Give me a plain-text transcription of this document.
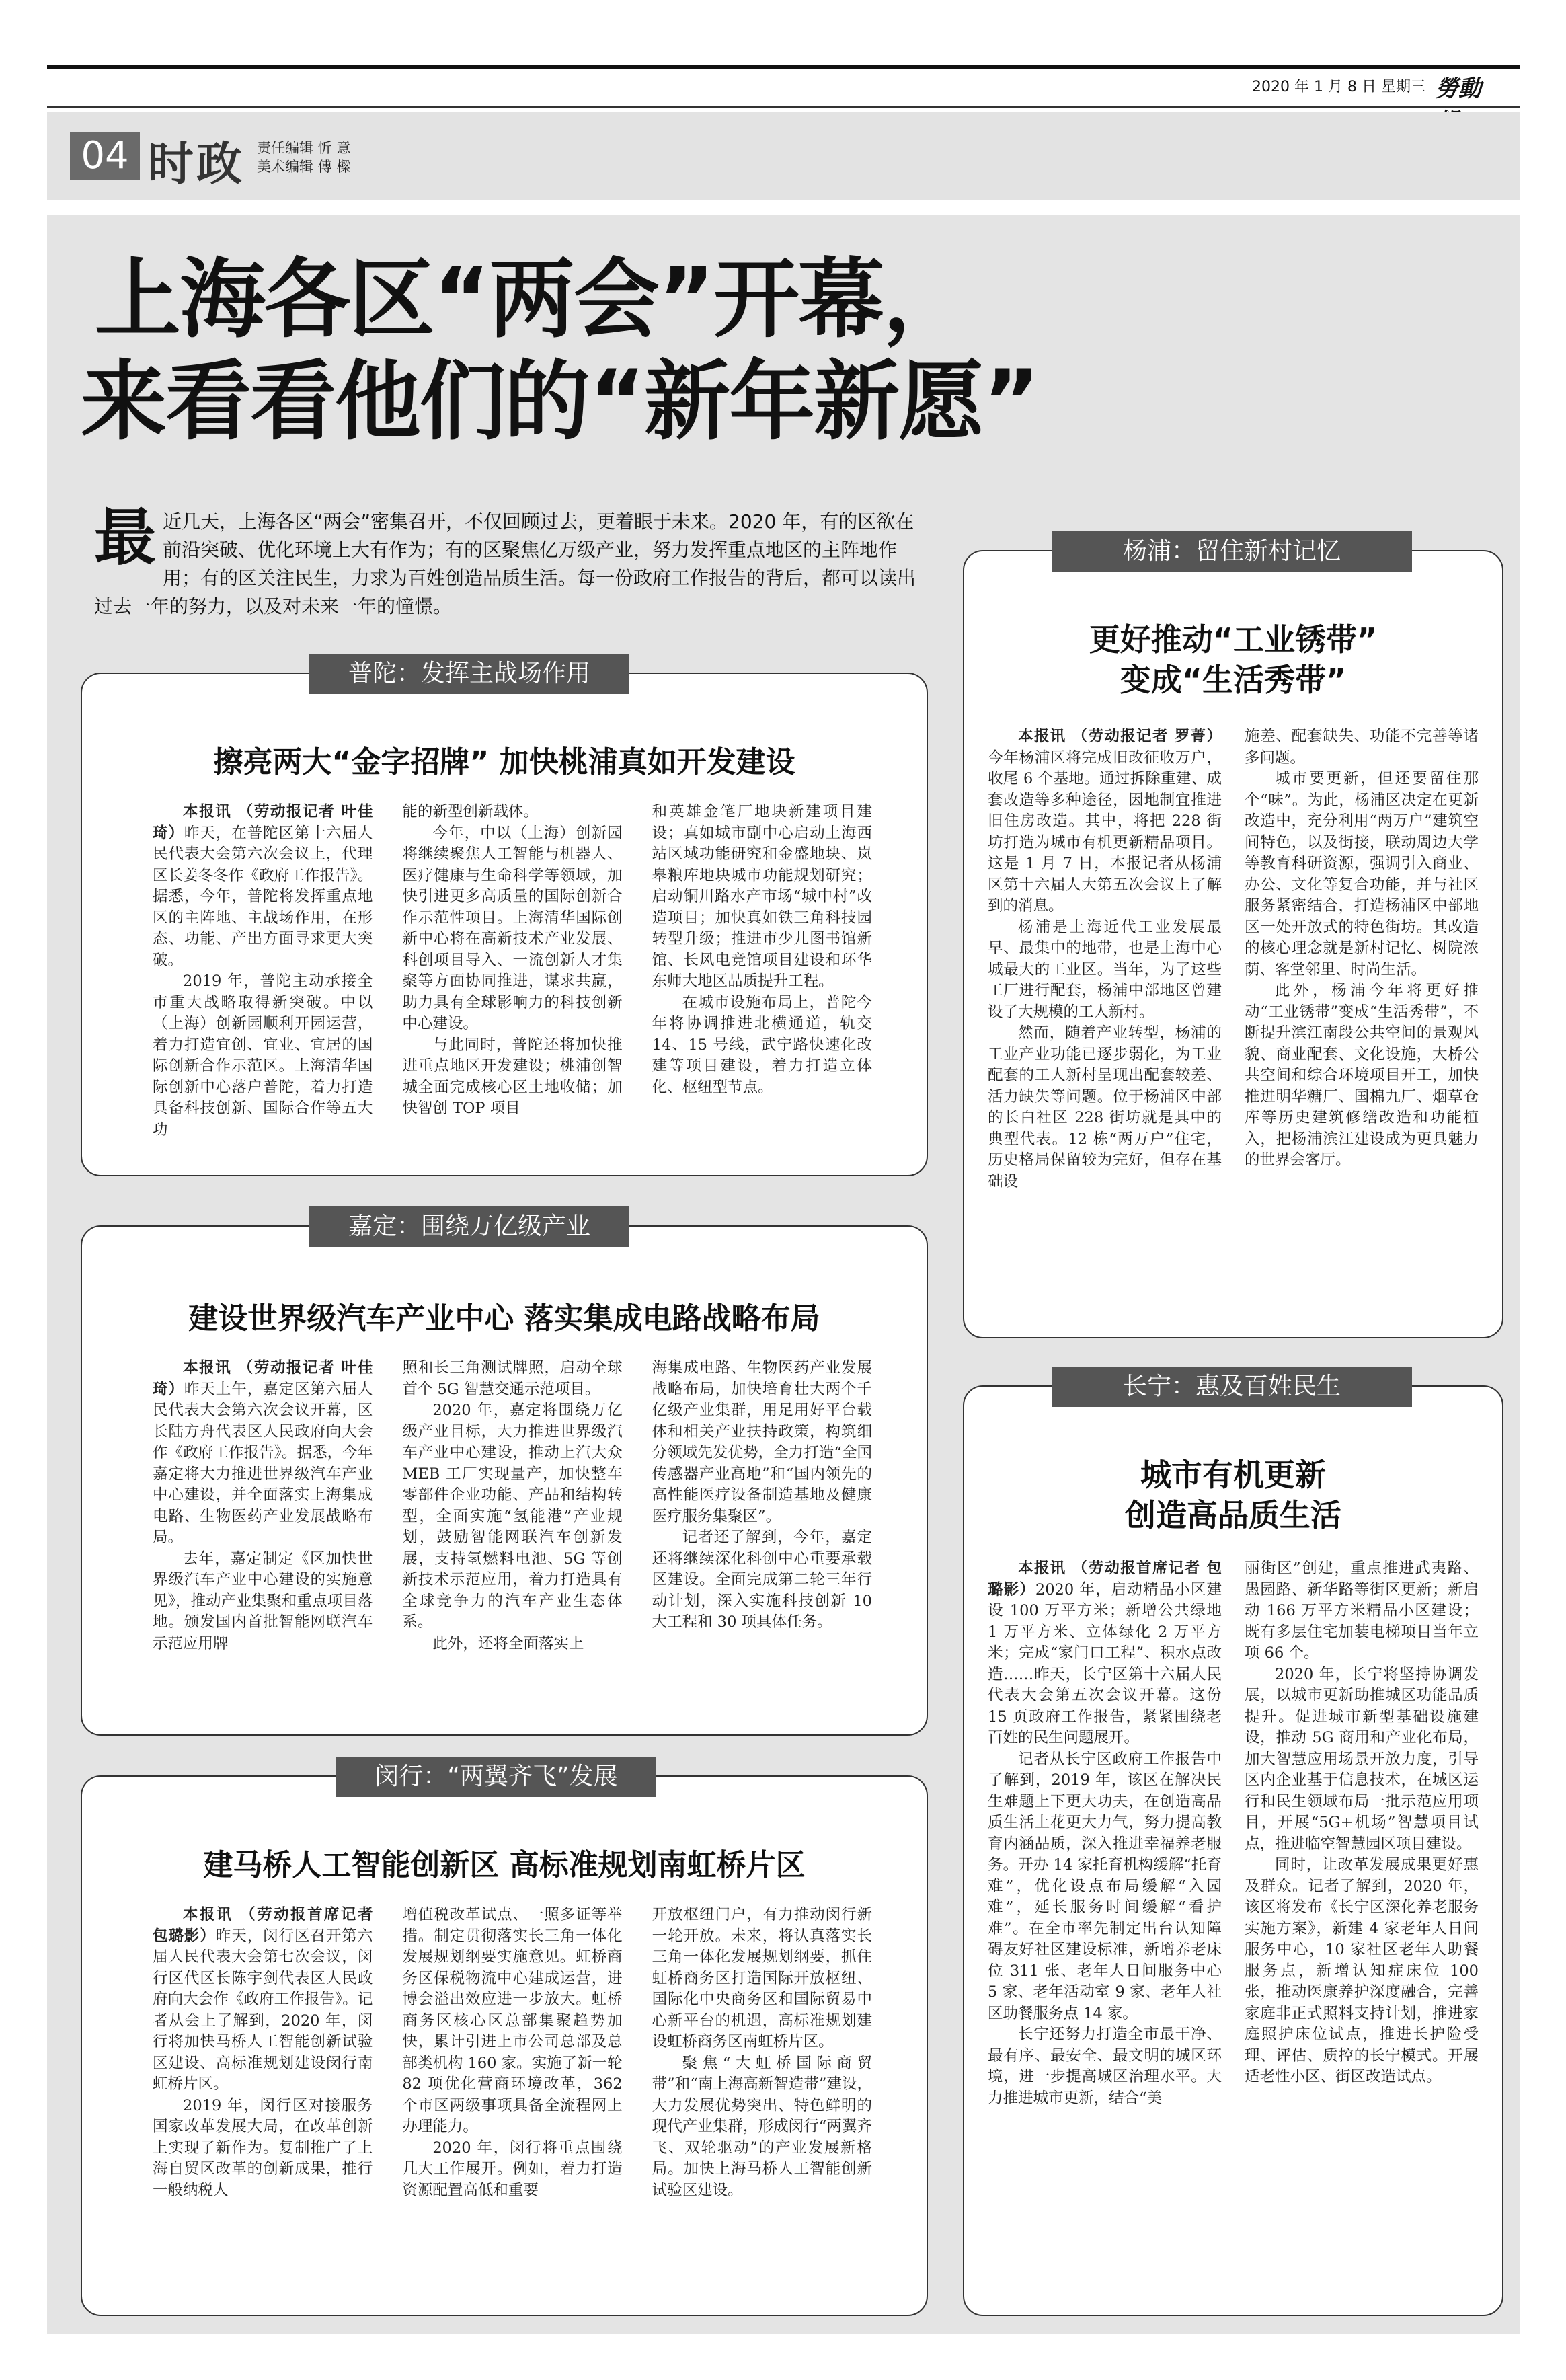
2020 年 1 月 8 日 星期三 勞動
04 时政 责任编辑 忻 意
美术编辑 傅 樑
上海各区“两会”开幕，
来看看他们的“新年新愿”
最近几天，上海各区“两会”密集召开，不仅回顾过去，更着眼于未来。2020 年，有的区欲在前沿突破、优化环境上大有作为；有的区聚焦亿万级产业，努力发挥重点地区的主阵地作用；有的区关注民生，力求为百姓创造品质生活。每一份政府工作报告的背后，都可以读出过去一年的努力，以及对未来一年的憧憬。
普陀：发挥主战场作用
擦亮两大“金字招牌” 加快桃浦真如开发建设

本报讯 （劳动报记者 叶佳琦）昨天，在普陀区第十六届人民代表大会第六次会议上，代理区长姜冬冬作《政府工作报告》。据悉，今年，普陀将发挥重点地区的主阵地、主战场作用，在形态、功能、产出方面寻求更大突破。

2019 年，普陀主动承接全市重大战略取得新突破。中以（上海）创新园顺利开园运营，着力打造宜创、宜业、宜居的国际创新合作示范区。上海清华国际创新中心落户普陀，着力打造具备科技创新、国际合作等五大功

能的新型创新载体。

今年，中以（上海）创新园将继续聚焦人工智能与机器人、医疗健康与生命科学等领域，加快引进更多高质量的国际创新合作示范性项目。上海清华国际创新中心将在高新技术产业发展、科创项目导入、一流创新人才集聚等方面协同推进，谋求共赢，助力具有全球影响力的科技创新中心建设。

与此同时，普陀还将加快推进重点地区开发建设；桃浦创智城全面完成核心区土地收储；加快智创 TOP 项目

和英雄金笔厂地块新建项目建设；真如城市副中心启动上海西站区域功能研究和金盛地块、岚皋粮库地块城市功能规划研究；启动铜川路水产市场“城中村”改造项目；加快真如铁三角科技园转型升级；推进市少儿图书馆新馆、长风电竞馆项目建设和环华东师大地区品质提升工程。

在城市设施布局上，普陀今年将协调推进北横通道，轨交 14、15 号线，武宁路快速化改建等项目建设，着力打造立体化、枢纽型节点。

嘉定：围绕万亿级产业
建设世界级汽车产业中心 落实集成电路战略布局

本报讯 （劳动报记者 叶佳琦）昨天上午，嘉定区第六届人民代表大会第六次会议开幕，区长陆方舟代表区人民政府向大会作《政府工作报告》。据悉，今年嘉定将大力推进世界级汽车产业中心建设，并全面落实上海集成电路、生物医药产业发展战略布局。

去年，嘉定制定《区加快世界级汽车产业中心建设的实施意见》，推动产业集聚和重点项目落地。颁发国内首批智能网联汽车示范应用牌

照和长三角测试牌照，启动全球首个 5G 智慧交通示范项目。

2020 年，嘉定将围绕万亿级产业目标，大力推进世界级汽车产业中心建设，推动上汽大众 MEB 工厂实现量产，加快整车零部件企业功能、产品和结构转型，全面实施“氢能港”产业规划，鼓励智能网联汽车创新发展，支持氢燃料电池、5G 等创新技术示范应用，着力打造具有全球竞争力的汽车产业生态体系。

此外，还将全面落实上

海集成电路、生物医药产业发展战略布局，加快培育壮大两个千亿级产业集群，用足用好平台载体和相关产业扶持政策，构筑细分领域先发优势，全力打造“全国传感器产业高地”和“国内领先的高性能医疗设备制造基地及健康医疗服务集聚区”。

记者还了解到，今年，嘉定还将继续深化科创中心重要承载区建设。全面完成第二轮三年行动计划，深入实施科技创新 10 大工程和 30 项具体任务。

闵行：“两翼齐飞”发展
建马桥人工智能创新区 高标准规划南虹桥片区

本报讯 （劳动报首席记者 包璐影）昨天，闵行区召开第六届人民代表大会第七次会议，闵行区代区长陈宇剑代表区人民政府向大会作《政府工作报告》。记者从会上了解到，2020 年，闵行将加快马桥人工智能创新试验区建设、高标准规划建设闵行南虹桥片区。

2019 年，闵行区对接服务国家改革发展大局，在改革创新上实现了新作为。复制推广了上海自贸区改革的创新成果，推行一般纳税人

增值税改革试点、一照多证等举措。制定贯彻落实长三角一体化发展规划纲要实施意见。虹桥商务区保税物流中心建成运营，进博会溢出效应进一步放大。虹桥商务区核心区总部集聚趋势加快，累计引进上市公司总部及总部类机构 160 家。实施了新一轮 82 项优化营商环境改革，362 个市区两级事项具备全流程网上办理能力。

2020 年，闵行将重点围绕几大工作展开。例如，着力打造资源配置高低和重要

开放枢纽门户，有力推动闵行新一轮开放。未来，将认真落实长三角一体化发展规划纲要，抓住虹桥商务区打造国际开放枢纽、国际化中央商务区和国际贸易中心新平台的机遇，高标准规划建设虹桥商务区南虹桥片区。

聚焦“大虹桥国际商贸带”和“南上海高新智造带”建设，大力发展优势突出、特色鲜明的现代产业集群，形成闵行“两翼齐飞、双轮驱动”的产业发展新格局。加快上海马桥人工智能创新试验区建设。

杨浦：留住新村记忆
更好推动“工业锈带”
变成“生活秀带”

本报讯 （劳动报记者 罗菁）今年杨浦区将完成旧改征收万户，收尾 6 个基地。通过拆除重建、成套改造等多种途径，因地制宜推进旧住房改造。其中，将把 228 街坊打造为城市有机更新精品项目。这是 1 月 7 日，本报记者从杨浦区第十六届人大第五次会议上了解到的消息。

杨浦是上海近代工业发展最早、最集中的地带，也是上海中心城最大的工业区。当年，为了这些工厂进行配套，杨浦中部地区曾建设了大规模的工人新村。

然而，随着产业转型，杨浦的工业产业功能已逐步弱化，为工业配套的工人新村呈现出配套较差、活力缺失等问题。位于杨浦区中部的长白社区 228 街坊就是其中的典型代表。12 栋“两万户”住宅，历史格局保留较为完好，但存在基础设

施差、配套缺失、功能不完善等诸多问题。

城市要更新，但还要留住那个“味”。为此，杨浦区决定在更新改造中，充分利用“两万户”建筑空间特色，以及街接，联动周边大学等教育科研资源，强调引入商业、办公、文化等复合功能，并与社区服务紧密结合，打造杨浦区中部地区一处开放式的特色街坊。其改造的核心理念就是新村记忆、树院浓荫、客堂邻里、时尚生活。

此外，杨浦今年将更好推动“工业锈带”变成“生活秀带”，不断提升滨江南段公共空间的景观风貌、商业配套、文化设施，大桥公共空间和综合环境项目开工，加快推进明华糖厂、国棉九厂、烟草仓库等历史建筑修缮改造和功能植入，把杨浦滨江建设成为更具魅力的世界会客厅。

长宁：惠及百姓民生
城市有机更新
创造高品质生活

本报讯 （劳动报首席记者 包璐影）2020 年，启动精品小区建设 100 万平方米；新增公共绿地 1 万平方米、立体绿化 2 万平方米；完成“家门口工程”、积水点改造……昨天，长宁区第十六届人民代表大会第五次会议开幕。这份 15 页政府工作报告，紧紧围绕老百姓的民生问题展开。

记者从长宁区政府工作报告中了解到，2019 年，该区在解决民生难题上下更大功夫，在创造高品质生活上花更大力气，努力提高教育内涵品质，深入推进幸福养老服务。开办 14 家托育机构缓解“托育难”，优化设点布局缓解“入园难”，延长服务时间缓解“看护难”。在全市率先制定出台认知障碍友好社区建设标准，新增养老床位 311 张、老年人日间服务中心 5 家、老年活动室 9 家、老年人社区助餐服务点 14 家。

长宁还努力打造全市最干净、最有序、最安全、最文明的城区环境，进一步提高城区治理水平。大力推进城市更新，结合“美

丽街区”创建，重点推进武夷路、愚园路、新华路等街区更新；新启动 166 万平方米精品小区建设；既有多层住宅加装电梯项目当年立项 66 个。

2020 年，长宁将坚持协调发展，以城市更新助推城区功能品质提升。促进城市新型基础设施建设，推动 5G 商用和产业化布局，加大智慧应用场景开放力度，引导区内企业基于信息技术，在城区运行和民生领域布局一批示范应用项目，开展“5G+机场”智慧项目试点，推进临空智慧园区项目建设。

同时，让改革发展成果更好惠及群众。记者了解到，2020 年，该区将发布《长宁区深化养老服务实施方案》，新建 4 家老年人日间服务中心，10 家社区老年人助餐服务点，新增认知症床位 100 张，推动医康养护深度融合，完善家庭非正式照料支持计划，推进家庭照护床位试点，推进长护险受理、评估、质控的长宁模式。开展适老性小区、街区改造试点。
